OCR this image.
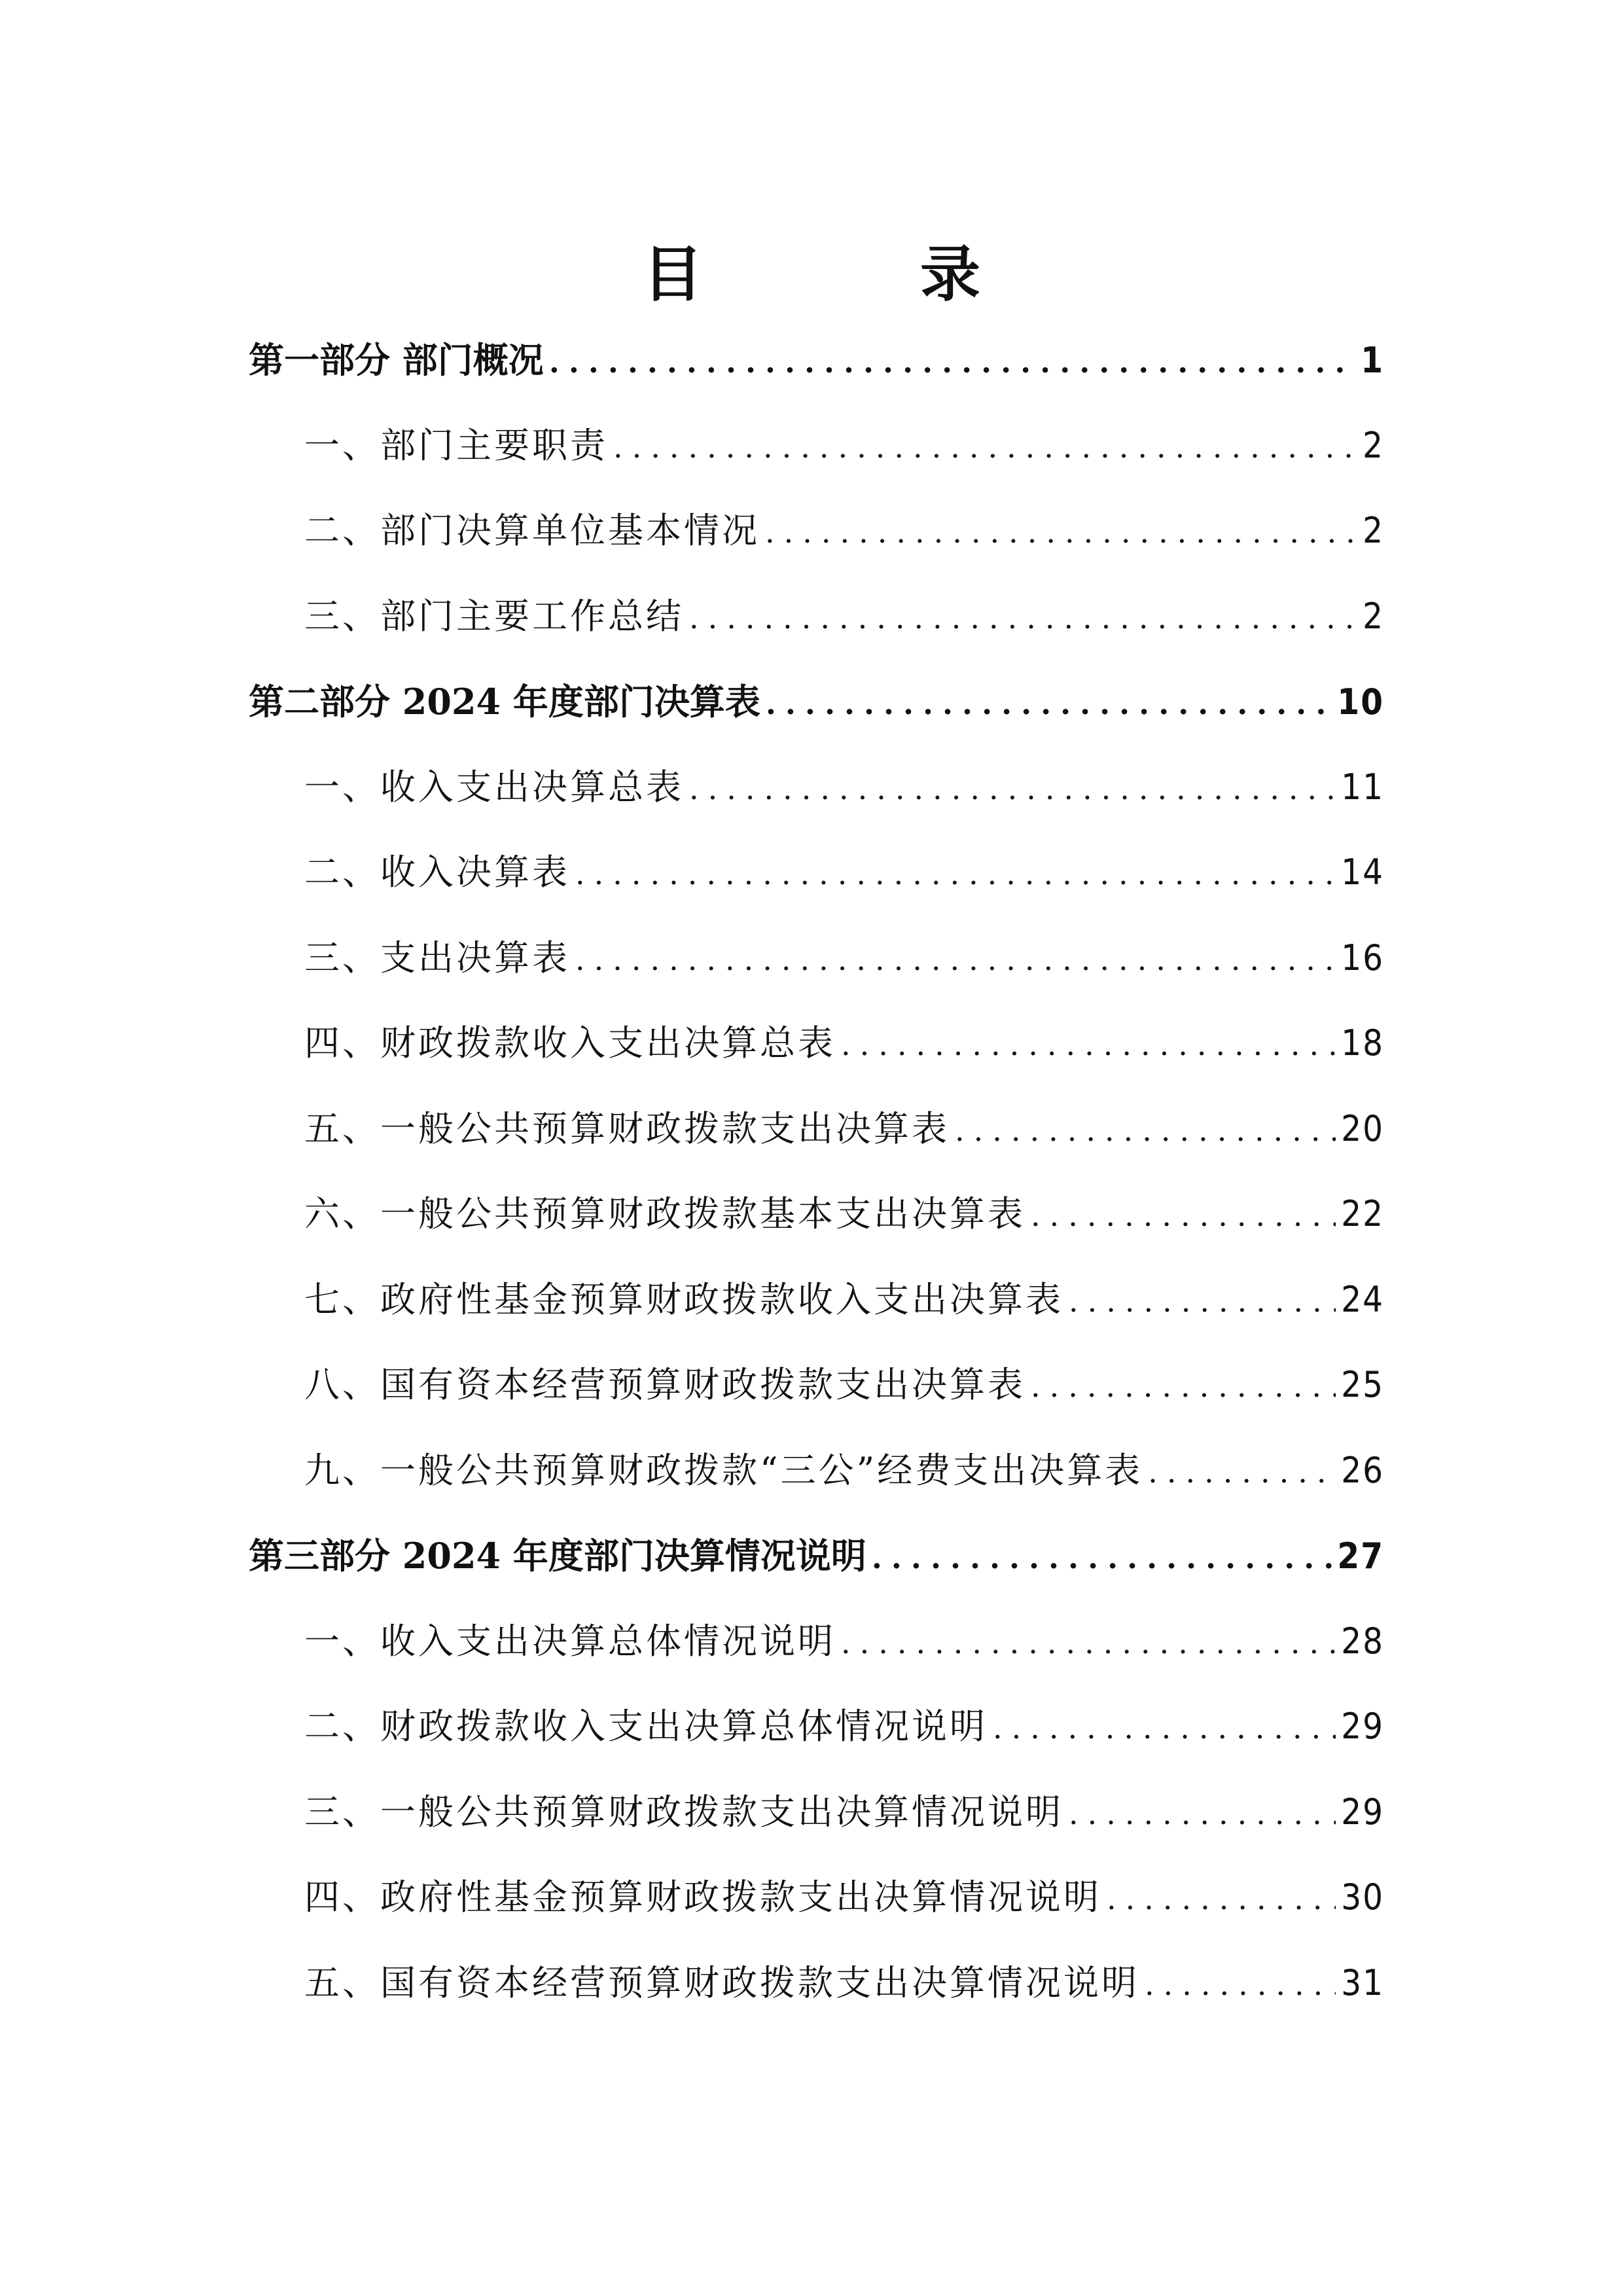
目　录
第一部分 部门概况 .....	1
一、部门主要职责 .....	2
二、部门决算单位基本情况 .....	2
三、部门主要工作总结 .....	2
第二部分 2024 年度部门决算表 .....	10
一、收入支出决算总表 .....	11
二、收入决算表 .....	14
三、支出决算表 .....	16
四、财政拨款收入支出决算总表 .....	18
五、一般公共预算财政拨款支出决算表 .....	20
六、一般公共预算财政拨款基本支出决算表 .....	22
七、政府性基金预算财政拨款收入支出决算表 .....	24
八、国有资本经营预算财政拨款支出决算表 .....	25
九、一般公共预算财政拨款“三公”经费支出决算表 .....	26
第三部分 2024 年度部门决算情况说明 .....	27
一、收入支出决算总体情况说明 .....	28
二、财政拨款收入支出决算总体情况说明 .....	29
三、一般公共预算财政拨款支出决算情况说明 .....	29
四、政府性基金预算财政拨款支出决算情况说明 .....	30
五、国有资本经营预算财政拨款支出决算情况说明 .....	31
